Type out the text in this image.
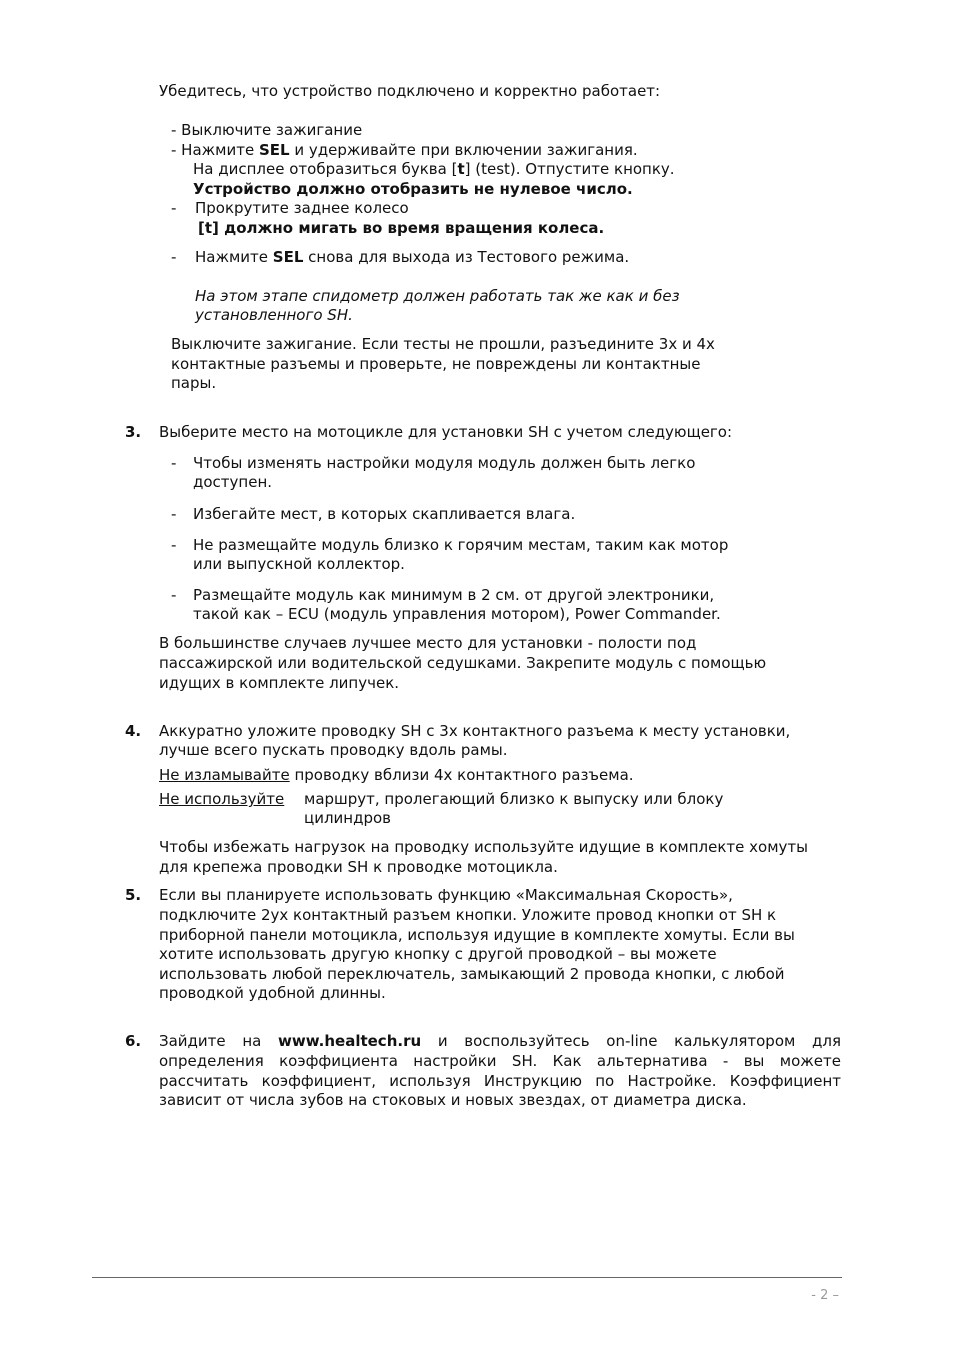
Убедитесь, что устройство подключено и корректно работает:
- Выключите зажигание
- Нажмите SEL и удерживайте при включении зажигания.
На дисплее отобразиться буква [t] (test). Отпустите кнопку.
Устройство должно отобразить не нулевое число.
- Прокрутите заднее колесо
[t] должно мигать во время вращения колеса.
- Нажмите SEL снова для выхода из Тестового режима.
На этом этапе спидометр должен работать так же как и без
установленного SH.
Выключите зажигание. Если тесты не прошли, разъедините 3х и 4х
контактные разъемы и проверьте, не повреждены ли контактные
пары.
3. Выберите место на мотоцикле для установки SH с учетом следующего:
- Чтобы изменять настройки модуля модуль должен быть легко
доступен.
- Избегайте мест, в которых скапливается влага.
- Не размещайте модуль близко к горячим местам, таким как мотор
или выпускной коллектор.
- Размещайте модуль как минимум в 2 см. от другой электроники,
такой как – ECU (модуль управления мотором), Power Commander.
В большинстве случаев лучшее место для установки - полости под
пассажирской или водительской седушками. Закрепите модуль с помощью
идущих в комплекте липучек.
4. Аккуратно уложите проводку SH с 3х контактного разъема к месту установки,
лучше всего пускать проводку вдоль рамы.
Не изламывайте проводку вблизи 4х контактного разъема.
Не используйте маршрут, пролегающий близко к выпуску или блоку
цилиндров
Чтобы избежать нагрузок на проводку используйте идущие в комплекте хомуты
для крепежа проводки SH к проводке мотоцикла.
5. Если вы планируете использовать функцию «Максимальная Скорость»,
подключите 2ух контактный разъем кнопки. Уложите провод кнопки от SH к
приборной панели мотоцикла, используя идущие в комплекте хомуты. Если вы
хотите использовать другую кнопку с другой проводкой – вы можете
использовать любой переключатель, замыкающий 2 провода кнопки, с любой
проводкой удобной длинны.
6. Зайдите на www.healtech.ru и воспользуйтесь on-line калькулятором для
определения коэффициента настройки SH. Как альтернатива - вы можете
рассчитать коэффициент, используя Инструкцию по Настройке. Коэффициент
зависит от числа зубов на стоковых и новых звездах, от диаметра диска.
- 2 –
